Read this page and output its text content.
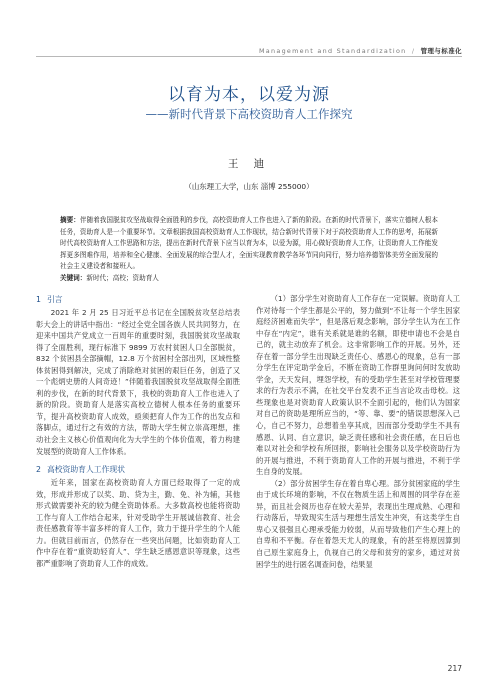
Management and Standardization / 管理与标准化
以育为本，以爱为源
——新时代背景下高校资助育人工作探究
王 迪
（山东理工大学，山东 淄博 255000）
摘要：伴随着我国脱贫攻坚战取得全面胜利的步伐，高校资助育人工作也进入了新的阶段。在新的时代背景下，落实立德树人根本任务，资助育人是一个重要环节。文章根据我国高校资助育人工作现状，结合新时代背景下对于高校资助育人工作的思考，拓展新时代高校资助育人工作思路和方法，提出在新时代背景下应当以育为本，以爱为源，用心做好资助育人工作，让资助育人工作能发挥更多图难作用，培养和全心健康、全面发展的综合型人才，全面实现教育教学各环节同向同行，努力培养德智体美劳全面发展的社会主义建设者和接班人。
关键词：新时代；高校；资助育人
1 引言

2021 年 2 月 25 日习近平总书记在全国脱贫攻坚总结表彰大会上的讲话中指出：“经过全党全国各族人民共同努力，在迎来中国共产党成立一百周年的重要时刻，我国脱贫攻坚战取得了全面胜利，现行标准下 9899 万农村贫困人口全部脱贫，832 个贫困县全部摘帽，12.8 万个贫困村全部出列，区域性整体贫困得到解决，完成了消除绝对贫困的艰巨任务，创造了又一个彪炳史册的人间奇迹！”伴随着我国脱贫攻坚战取得全面胜利的步伐，在新的时代背景下，我校的资助育人工作也进入了新的阶段。资助育人是落实高校立德树人根本任务的重要环节，提升高校资助育人成效，亟须把育人作为工作的出发点和落脚点，通过行之有效的方法，帮助大学生树立崇高理想，推动社会主义核心价值观向化为大学生的个体价值观，着力构建发展型的资助育人工作体系。

2 高校资助育人工作现状

近年来，国家在高校资助育人方面已经取得了一定的成效，形成并形成了以奖、助、贷为主，勤、免、补为辅，其他形式做需要补充的较为健全资助体系。大多数高校也能将资助工作与育人工作结合起来，针对受助学生开展诚信教育、社会责任感教育等丰富多样的育人工作，致力于提升学生的个人能力。但就目前而言，仍然存在一些突出问题，比如资助育人工作中存在着“重资助轻育人”、学生缺乏感恩意识等现象，这些都严重影响了资助育人工作的成效。

（1）部分学生对资助育人工作存在一定误解。资助育人工作对待每一个学生都是公平的，努力做到“不让每一个学生因家庭经济困难而失学”，但是落后观念影响，部分学生认为在工作中存在“内定”，谁有关系就是谁的名额，即使申请也不会是自己的，就主动放弃了机会。这非常影响工作的开展。另外，还存在着一部分学生出现缺乏责任心、感恩心的现象，总有一部分学生在评定助学金后，不断在资助工作群里询问何时发放助学金，天天发问，埋怨学校，有的受助学生甚至对学校管理要求的行为表示不满，在社交平台发表不正当言论攻击母校。这些现象也是对资助育人政策认识不全面引起的，他们认为国家对自己的资助是理所应当的，“等、靠、要”的错误思想深入己心，自己不努力，总想着坐享其成，因而部分受助学生不具有感恩、认同、自立意识，缺乏责任感和社会责任感，在日后也难以对社会和学校有所回报，影响社会服务以及学校资助行为的开展与推进，不利于资助育人工作的开展与推进，不利于学生自身的发展。

（2）部分贫困学生存在着自卑心理。部分贫困家庭的学生由于成长环境的影响，不仅在物质生活上和周围的同学存在差异，而且社会阅历也存在较大差异，表现出生理成熟、心理和行动落后，导致现实生活与理想生活发生冲突，有这类学生自卑心又很强且心理承受能力较弱，从而导致他们产生心理上的自卑和不平衡。存在着怨天尤人的现象，有的甚至将原因算到自己原生家庭身上，仇视自己的父母和贫穷的家乡，通过对贫困学生的进行匿名调查问卷，结果显

217
